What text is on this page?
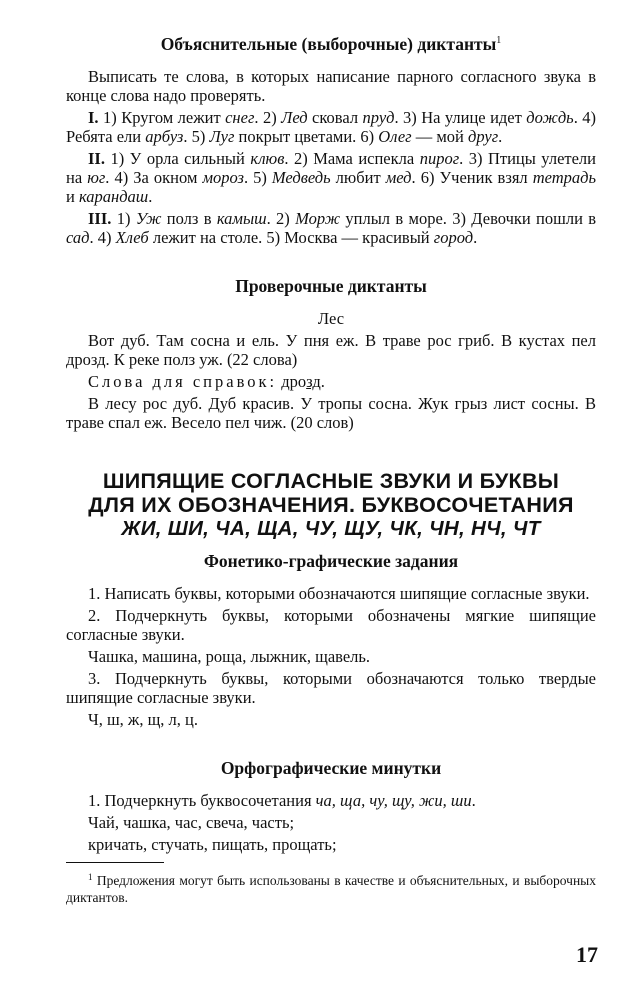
Объяснительные (выборочные) диктанты$^1$

Выписать те слова, в которых написание парного согласного звука в конце слова надо проверять.

I. 1) Кругом лежит снег. 2) Лед сковал пруд. 3) На улице идет дождь. 4) Ребята ели арбуз. 5) Луг покрыт цветами. 6) Олег — мой друг.

II. 1) У орла сильный клюв. 2) Мама испекла пирог. 3) Птицы улетели на юг. 4) За окном мороз. 5) Медведь любит мед. 6) Ученик взял тетрадь и карандаш.

III. 1) Уж полз в камыш. 2) Морж уплыл в море. 3) Девочки пошли в сад. 4) Хлеб лежит на столе. 5) Москва — красивый город.

Проверочные диктанты

Лес

Вот дуб. Там сосна и ель. У пня еж. В траве рос гриб. В кустах пел дрозд. К реке полз уж. (22 слова)

Слова для справок: дрозд.

В лесу рос дуб. Дуб красив. У тропы сосна. Жук грыз лист сосны. В траве спал еж. Весело пел чиж. (20 слов)

ШИПЯЩИЕ СОГЛАСНЫЕ ЗВУКИ И БУКВЫ
ДЛЯ ИХ ОБОЗНАЧЕНИЯ. БУКВОСОЧЕТАНИЯ
ЖИ, ШИ, ЧА, ЩА, ЧУ, ЩУ, ЧК, ЧН, НЧ, ЧТ
Фонетико-графические задания

1. Написать буквы, которыми обозначаются шипящие согласные звуки.

2. Подчеркнуть буквы, которыми обозначены мягкие шипящие согласные звуки.

Чашка, машина, роща, лыжник, щавель.

3. Подчеркнуть буквы, которыми обозначаются только твердые шипящие согласные звуки.

Ч, ш, ж, щ, л, ц.

Орфографические минутки

1. Подчеркнуть буквосочетания ча, ща, чу, щу, жи, ши.

Чай, чашка, час, свеча, часть;

кричать, стучать, пищать, прощать;

$^1$ Предложения могут быть использованы в качестве и объяснительных, и выборочных диктантов.

17
